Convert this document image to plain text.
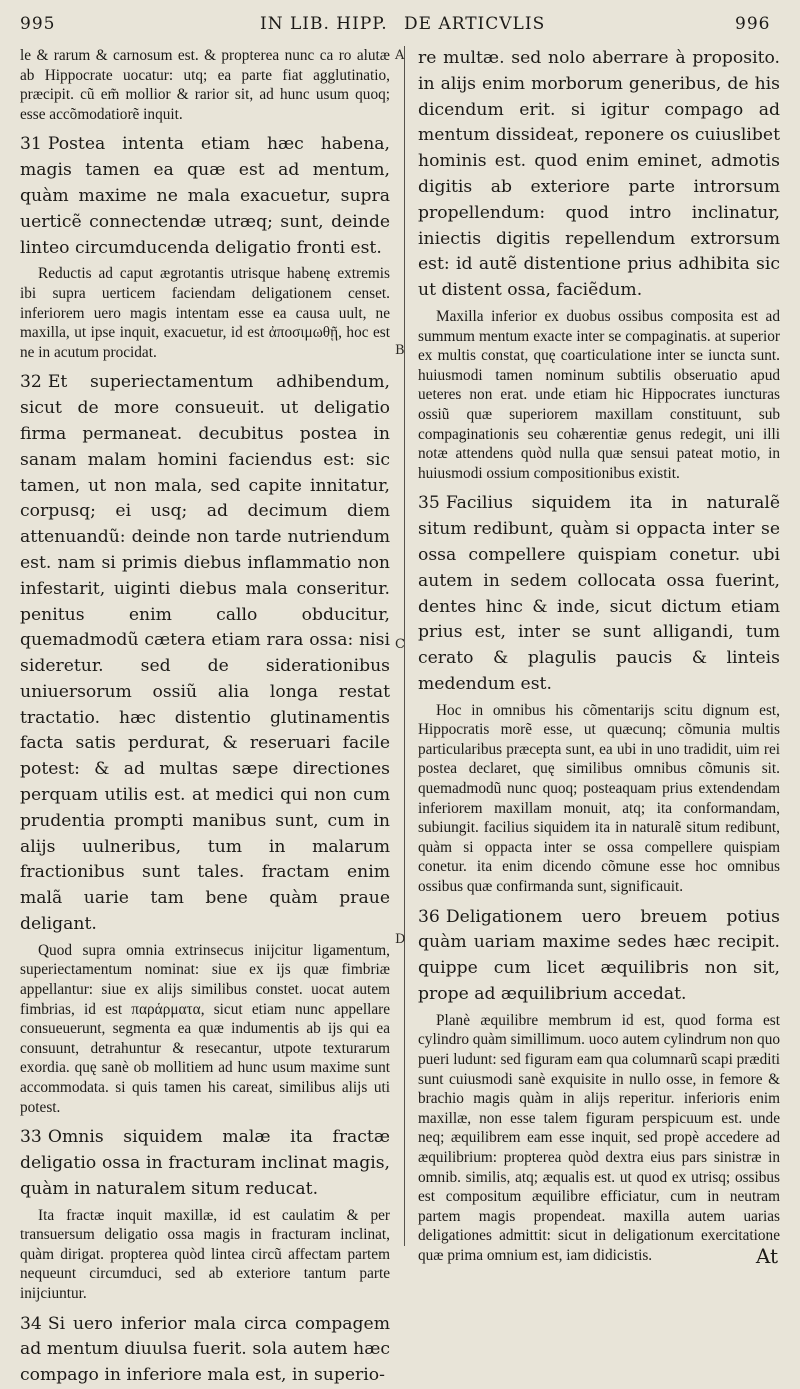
995	IN LIB. HIPP. DE ARTICVLIS	996
A
B
C
D

le & rarum & carnosum est. & propterea nunc ca ro alutæ ab Hippocrate uocatur: utq; ea parte fiat agglutinatio, præcipit. cũ em̃ mollior & rarior sit, ad hunc usum quoq; esse accõmodatiorẽ inquit.

31 Postea intenta etiam hæc habena, magis tamen ea quæ est ad mentum, quàm maxime ne mala exacuetur, supra uerticẽ connectendæ utræq; sunt, deinde linteo circumducenda deligatio fronti est.

Reductis ad caput ægrotantis utrisque habenę extremis ibi supra uerticem faciendam deligationem censet. inferiorem uero magis intentam esse ea causa uult, ne maxilla, ut ipse inquit, exacuetur, id est ἀποσιμωθῇ, hoc est ne in acutum procidat.

32 Et superiectamentum adhibendum, sicut de more consueuit. ut deligatio firma permaneat. decubitus postea in sanam malam homini faciendus est: sic tamen, ut non mala, sed capite innitatur, corpusq; ei usq; ad decimum diem attenuandũ: deinde non tarde nutriendum est. nam si primis diebus inflammatio non infestarit, uiginti diebus mala conseritur. penitus enim callo obducitur, quemadmodũ cætera etiam rara ossa: nisi sideretur. sed de siderationibus uniuersorum ossiũ alia longa restat tractatio. hæc distentio glutinamentis facta satis perdurat, & reseruari facile potest: & ad multas sæpe directiones perquam utilis est. at medici qui non cum prudentia prompti manibus sunt, cum in alijs uulneribus, tum in malarum fractionibus sunt tales. fractam enim malã uarie tam bene quàm praue deligant.

Quod supra omnia extrinsecus inijcitur ligamentum, superiectamentum nominat: siue ex ijs quæ fimbriæ appellantur: siue ex alijs similibus constet. uocat autem fimbrias, id est παράρματα, sicut etiam nunc appellare consueuerunt, segmenta ea quæ indumentis ab ijs qui ea consuunt, detrahuntur & resecantur, utpote texturarum exordia. quę sanè ob mollitiem ad hunc usum maxime sunt accommodata. si quis tamen his careat, similibus alijs uti potest.

33 Omnis siquidem malæ ita fractæ deligatio ossa in fracturam inclinat magis, quàm in naturalem situm reducat.

Ita fractæ inquit maxillæ, id est caulatim & per transuersum deligatio ossa magis in fracturam inclinat, quàm dirigat. propterea quòd lintea circũ affectam partem nequeunt circumduci, sed ab exteriore tantum parte inijciuntur.

34 Si uero inferior mala circa compagem ad mentum diuulsa fuerit. sola autem hæc compago in inferiore mala est, in superio-

re multæ. sed nolo aberrare à proposito. in alijs enim morborum generibus, de his dicendum erit. si igitur compago ad mentum dissideat, reponere os cuiuslibet hominis est. quod enim eminet, admotis digitis ab exteriore parte introrsum propellendum: quod intro inclinatur, iniectis digitis repellendum extrorsum est: id autẽ distentione prius adhibita sic ut distent ossa, faciẽdum.

Maxilla inferior ex duobus ossibus composita est ad summum mentum exacte inter se compaginatis. at superior ex multis constat, quę coarticulatione inter se iuncta sunt. huiusmodi tamen nominum subtilis obseruatio apud ueteres non erat. unde etiam hic Hippocrates iuncturas ossiũ quæ superiorem maxillam constituunt, sub compaginationis seu cohærentiæ genus redegit, uni illi notæ attendens quòd nulla quæ sensui pateat motio, in huiusmodi ossium compositionibus existit.

35 Facilius siquidem ita in naturalẽ situm redibunt, quàm si oppacta inter se ossa compellere quispiam conetur. ubi autem in sedem collocata ossa fuerint, dentes hinc & inde, sicut dictum etiam prius est, inter se sunt alligandi, tum cerato & plagulis paucis & linteis medendum est.

Hoc in omnibus his cõmentarijs scitu dignum est, Hippocratis morẽ esse, ut quæcunq; cõmunia multis particularibus præcepta sunt, ea ubi in uno tradidit, uim rei postea declaret, quę similibus omnibus cõmunis sit. quemadmodũ nunc quoq; posteaquam prius extendendam inferiorem maxillam monuit, atq; ita conformandam, subiungit. facilius siquidem ita in naturalẽ situm redibunt, quàm si oppacta inter se ossa compellere quispiam conetur. ita enim dicendo cõmune esse hoc omnibus ossibus quæ confirmanda sunt, significauit.

36 Deligationem uero breuem potius quàm uariam maxime sedes hæc recipit. quippe cum licet æquilibris non sit, prope ad æquilibrium accedat.

Planè æquilibre membrum id est, quod forma est cylindro quàm simillimum. uoco autem cylindrum non quo pueri ludunt: sed figuram eam qua columnarũ scapi præditi sunt cuiusmodi sanè exquisite in nullo osse, in femore & brachio magis quàm in alijs reperitur. inferioris enim maxillæ, non esse talem figuram perspicuum est. unde neq; æquilibrem eam esse inquit, sed propè accedere ad æquilibrium: propterea quòd dextra eius pars sinistræ in omnib. similis, atq; æqualis est. ut quod ex utrisq; ossibus est compositum æquilibre efficiatur, cum in neutram partem magis propendeat. maxilla autem uarias deligationes admittit: sicut in deligationum exercitatione quæ prima omnium est, iam didicistis.	At
